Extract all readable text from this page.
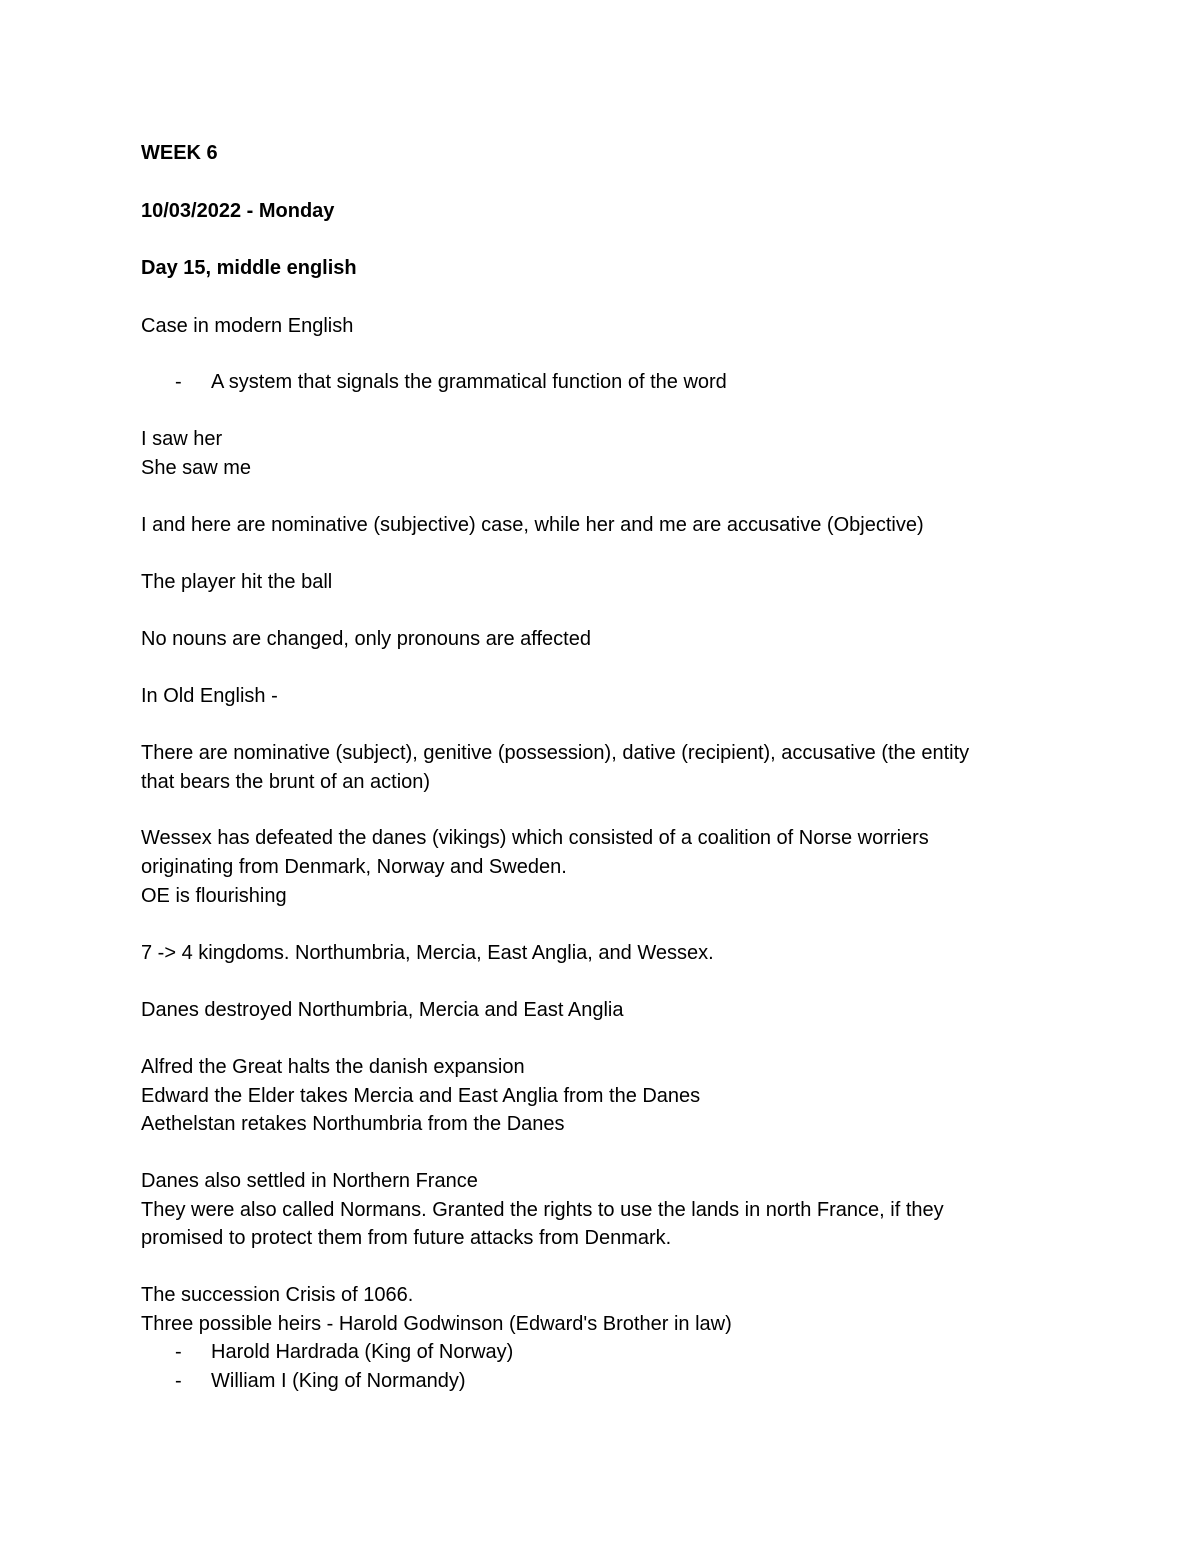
WEEK 6
10/03/2022 - Monday
Day 15, middle english
Case in modern English
- A system that signals the grammatical function of the word
I saw her
She saw me
I and here are nominative (subjective) case, while her and me are accusative (Objective)
The player hit the ball
No nouns are changed, only pronouns are affected
In Old English -
There are nominative (subject), genitive (possession), dative (recipient), accusative (the entity
that bears the brunt of an action)
Wessex has defeated the danes (vikings) which consisted of a coalition of Norse worriers
originating from Denmark, Norway and Sweden.
OE is flourishing
7 -> 4 kingdoms. Northumbria, Mercia, East Anglia, and Wessex.
Danes destroyed Northumbria, Mercia and East Anglia
Alfred the Great halts the danish expansion
Edward the Elder takes Mercia and East Anglia from the Danes
Aethelstan retakes Northumbria from the Danes
Danes also settled in Northern France
They were also called Normans. Granted the rights to use the lands in north France, if they
promised to protect them from future attacks from Denmark.
The succession Crisis of 1066.
Three possible heirs - Harold Godwinson (Edward's Brother in law)
- Harold Hardrada (King of Norway)
- William I (King of Normandy)
